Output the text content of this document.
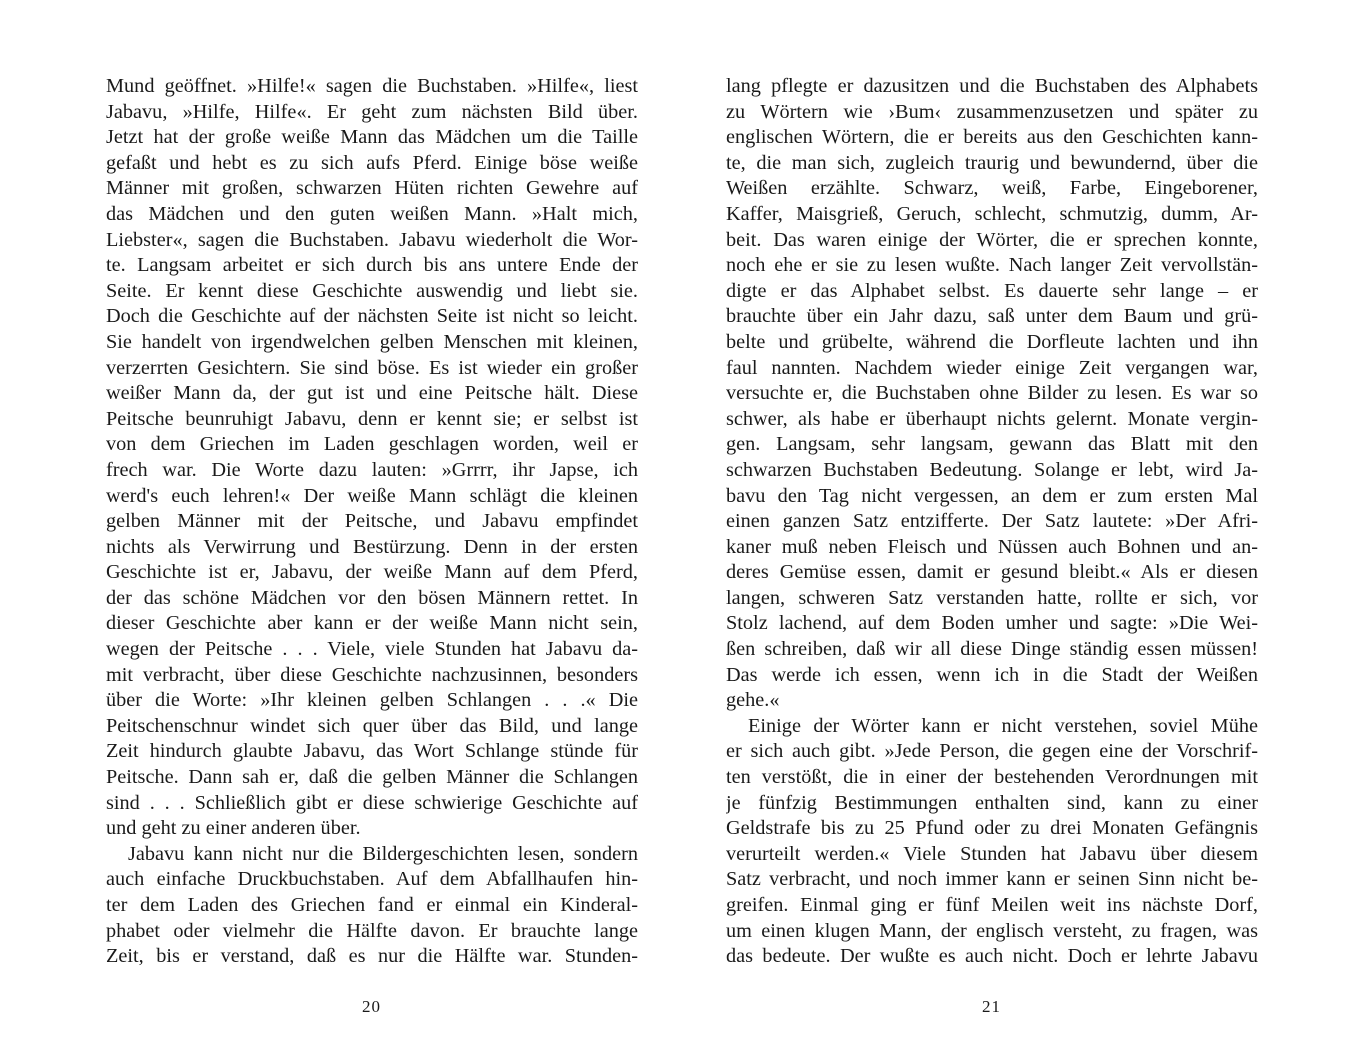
Mund geöffnet. »Hilfe!« sagen die Buchstaben. »Hilfe«, liest
Jabavu, »Hilfe, Hilfe«. Er geht zum nächsten Bild über.
Jetzt hat der große weiße Mann das Mädchen um die Taille
gefaßt und hebt es zu sich aufs Pferd. Einige böse weiße
Männer mit großen, schwarzen Hüten richten Gewehre auf
das Mädchen und den guten weißen Mann. »Halt mich,
Liebster«, sagen die Buchstaben. Jabavu wiederholt die Wor-
te. Langsam arbeitet er sich durch bis ans untere Ende der
Seite. Er kennt diese Geschichte auswendig und liebt sie.
Doch die Geschichte auf der nächsten Seite ist nicht so leicht.
Sie handelt von irgendwelchen gelben Menschen mit kleinen,
verzerrten Gesichtern. Sie sind böse. Es ist wieder ein großer
weißer Mann da, der gut ist und eine Peitsche hält. Diese
Peitsche beunruhigt Jabavu, denn er kennt sie; er selbst ist
von dem Griechen im Laden geschlagen worden, weil er
frech war. Die Worte dazu lauten: »Grrrr, ihr Japse, ich
werd's euch lehren!« Der weiße Mann schlägt die kleinen
gelben Männer mit der Peitsche, und Jabavu empfindet
nichts als Verwirrung und Bestürzung. Denn in der ersten
Geschichte ist er, Jabavu, der weiße Mann auf dem Pferd,
der das schöne Mädchen vor den bösen Männern rettet. In
dieser Geschichte aber kann er der weiße Mann nicht sein,
wegen der Peitsche . . . Viele, viele Stunden hat Jabavu da-
mit verbracht, über diese Geschichte nachzusinnen, besonders
über die Worte: »Ihr kleinen gelben Schlangen . . .« Die
Peitschenschnur windet sich quer über das Bild, und lange
Zeit hindurch glaubte Jabavu, das Wort Schlange stünde für
Peitsche. Dann sah er, daß die gelben Männer die Schlangen
sind . . . Schließlich gibt er diese schwierige Geschichte auf
und geht zu einer anderen über.
Jabavu kann nicht nur die Bildergeschichten lesen, sondern
auch einfache Druckbuchstaben. Auf dem Abfallhaufen hin-
ter dem Laden des Griechen fand er einmal ein Kinderal-
phabet oder vielmehr die Hälfte davon. Er brauchte lange
Zeit, bis er verstand, daß es nur die Hälfte war. Stunden-
lang pflegte er dazusitzen und die Buchstaben des Alphabets
zu Wörtern wie ›Bum‹ zusammenzusetzen und später zu
englischen Wörtern, die er bereits aus den Geschichten kann-
te, die man sich, zugleich traurig und bewundernd, über die
Weißen erzählte. Schwarz, weiß, Farbe, Eingeborener,
Kaffer, Maisgrieß, Geruch, schlecht, schmutzig, dumm, Ar-
beit. Das waren einige der Wörter, die er sprechen konnte,
noch ehe er sie zu lesen wußte. Nach langer Zeit vervollstän-
digte er das Alphabet selbst. Es dauerte sehr lange – er
brauchte über ein Jahr dazu, saß unter dem Baum und grü-
belte und grübelte, während die Dorfleute lachten und ihn
faul nannten. Nachdem wieder einige Zeit vergangen war,
versuchte er, die Buchstaben ohne Bilder zu lesen. Es war so
schwer, als habe er überhaupt nichts gelernt. Monate vergin-
gen. Langsam, sehr langsam, gewann das Blatt mit den
schwarzen Buchstaben Bedeutung. Solange er lebt, wird Ja-
bavu den Tag nicht vergessen, an dem er zum ersten Mal
einen ganzen Satz entzifferte. Der Satz lautete: »Der Afri-
kaner muß neben Fleisch und Nüssen auch Bohnen und an-
deres Gemüse essen, damit er gesund bleibt.« Als er diesen
langen, schweren Satz verstanden hatte, rollte er sich, vor
Stolz lachend, auf dem Boden umher und sagte: »Die Wei-
ßen schreiben, daß wir all diese Dinge ständig essen müssen!
Das werde ich essen, wenn ich in die Stadt der Weißen
gehe.«
Einige der Wörter kann er nicht verstehen, soviel Mühe
er sich auch gibt. »Jede Person, die gegen eine der Vorschrif-
ten verstößt, die in einer der bestehenden Verordnungen mit
je fünfzig Bestimmungen enthalten sind, kann zu einer
Geldstrafe bis zu 25 Pfund oder zu drei Monaten Gefängnis
verurteilt werden.« Viele Stunden hat Jabavu über diesem
Satz verbracht, und noch immer kann er seinen Sinn nicht be-
greifen. Einmal ging er fünf Meilen weit ins nächste Dorf,
um einen klugen Mann, der englisch versteht, zu fragen, was
das bedeute. Der wußte es auch nicht. Doch er lehrte Jabavu
20	21
